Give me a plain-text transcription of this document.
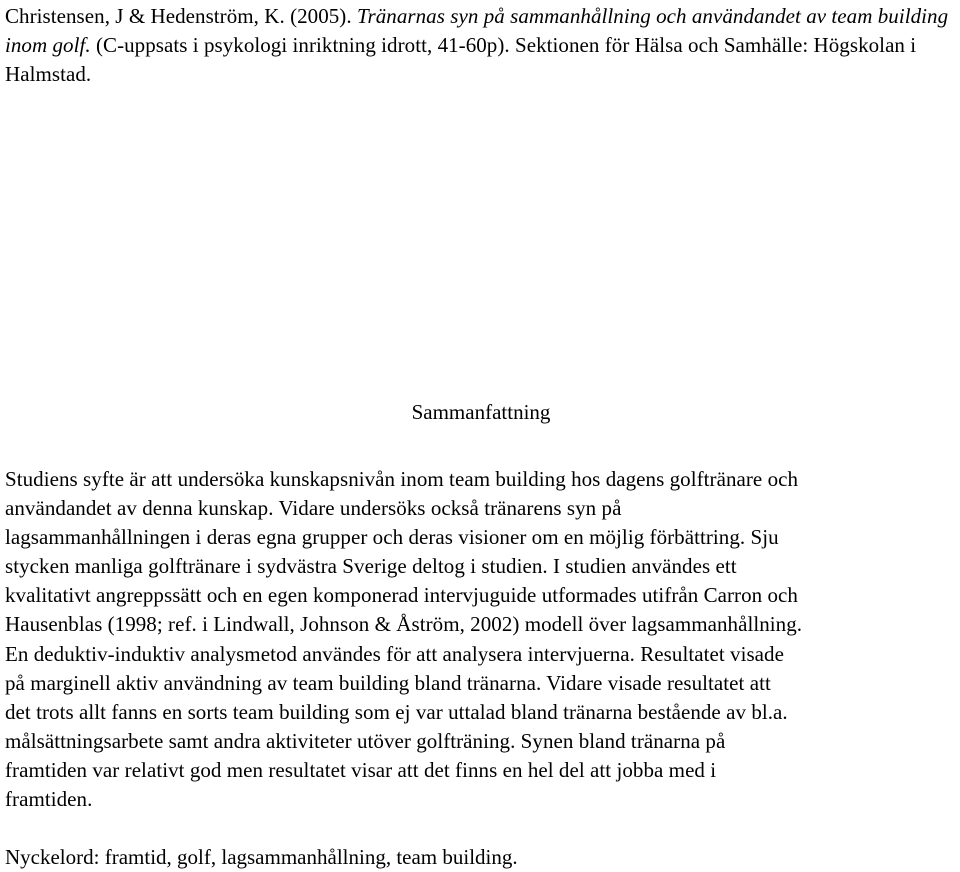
Christensen, J & Hedenström, K. (2005). Tränarnas syn på sammanhållning och användandet av team building inom golf. (C-uppsats i psykologi inriktning idrott, 41-60p). Sektionen för Hälsa och Samhälle: Högskolan i Halmstad.

Sammanfattning
Studiens syfte är att undersöka kunskapsnivån inom team building hos dagens golftränare och
användandet av denna kunskap. Vidare undersöks också tränarens syn på
lagsammanhållningen i deras egna grupper och deras visioner om en möjlig förbättring. Sju
stycken manliga golftränare i sydvästra Sverige deltog i studien. I studien användes ett
kvalitativt angreppssätt och en egen komponerad intervjuguide utformades utifrån Carron och
Hausenblas (1998; ref. i Lindwall, Johnson & Åström, 2002) modell över lagsammanhållning.
En deduktiv-induktiv analysmetod användes för att analysera intervjuerna. Resultatet visade
på marginell aktiv användning av team building bland tränarna. Vidare visade resultatet att
det trots allt fanns en sorts team building som ej var uttalad bland tränarna bestående av bl.a.
målsättningsarbete samt andra aktiviteter utöver golfträning. Synen bland tränarna på
framtiden var relativt god men resultatet visar att det finns en hel del att jobba med i
framtiden.
Nyckelord: framtid, golf, lagsammanhållning, team building.
